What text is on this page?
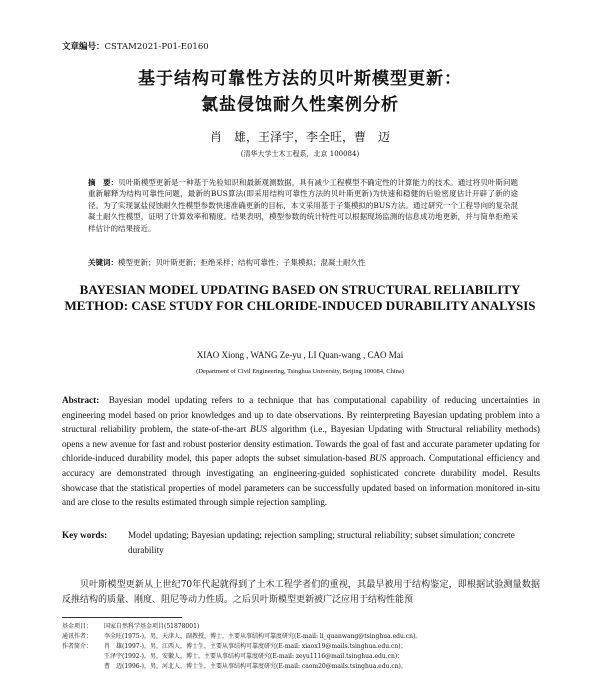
文章编号：CSTAM2021-P01-E0160
基于结构可靠性方法的贝叶斯模型更新：
氯盐侵蚀耐久性案例分析
肖　雄，王泽宇，李全旺，曹　迈
(清华大学土木工程系，北京 100084)
摘　要：贝叶斯模型更新是一种基于先验知识和最新观测数据，具有减少工程模型不确定性的计算能力的技术。通过将贝叶斯问题重新解释为结构可靠性问题，最新的BUS算法(即采用结构可靠性方法的贝叶斯更新)为快速和稳健的后验密度估计开辟了新的途径。为了实现氯盐侵蚀耐久性模型参数快速准确更新的目标，本文采用基于子集模拟的BUS方法。通过研究一个工程导向的复杂混凝土耐久性模型，证明了计算效率和精度。结果表明，模型参数的统计特性可以根据现场监测的信息成功地更新，并与简单拒绝采样估计的结果接近。
关键词：模型更新；贝叶斯更新；拒绝采样；结构可靠性；子集模拟；混凝土耐久性
BAYESIAN MODEL UPDATING BASED ON STRUCTURAL RELIABILITY METHOD: CASE STUDY FOR CHLORIDE-INDUCED DURABILITY ANALYSIS
XIAO Xiong , WANG Ze-yu , LI Quan-wang , CAO Mai
(Department of Civil Engineering, Tsinghua University, Beijing 100084, China)
Abstract: Bayesian model updating refers to a technique that has computational capability of reducing uncertainties in engineering model based on prior knowledges and up to date observations. By reinterpreting Bayesian updating problem into a structural reliability problem, the state-of-the-art BUS algorithm (i.e., Bayesian Updating with Structural reliability methods) opens a new avenue for fast and robust posterior density estimation. Towards the goal of fast and accurate parameter updating for chloride-induced durability model, this paper adopts the subset simulation-based BUS approach. Computational efficiency and accuracy are demonstrated through investigating an engineering-guided sophisticated concrete durability model. Results showcase that the statistical properties of model parameters can be successfully updated based on information monitored in-situ and are close to the results estimated through simple rejection sampling.
Key words: Model updating; Bayesian updating; rejection sampling; structural reliability; subset simulation; concrete durability
贝叶斯模型更新从上世纪70年代起就得到了土木工程学者们的重视，其最早被用于结构鉴定，即根据试验测量数据反推结构的质量、刚度、阻尼等动力性质。之后贝叶斯模型更新被广泛应用于结构性能预
基金项目：	国家自然科学基金项目(51878001)
通讯作者：	李全旺(1975-)，男，天津人，副教授，博士，主要从事结构可靠度研究(E-mail: li_quanwang@tsinghua.edu.cn)。
作者简介：	肖　雄(1997-)，男，江西人，博士生，主要从事结构可靠度研究(E-mail: xiaox19@mails.tsinghua.edu.cn)；
王泽宇(1992-)，男，安徽人，博士，主要从事结构可靠度研究(E-mail: zeyu1116@mail.tsinghua.edu.cn)；
曹　迈(1996-)，男，河北人，博士生，主要从事结构可靠度研究(E-mail: caom20@mails.tsinghua.edu.cn)。
